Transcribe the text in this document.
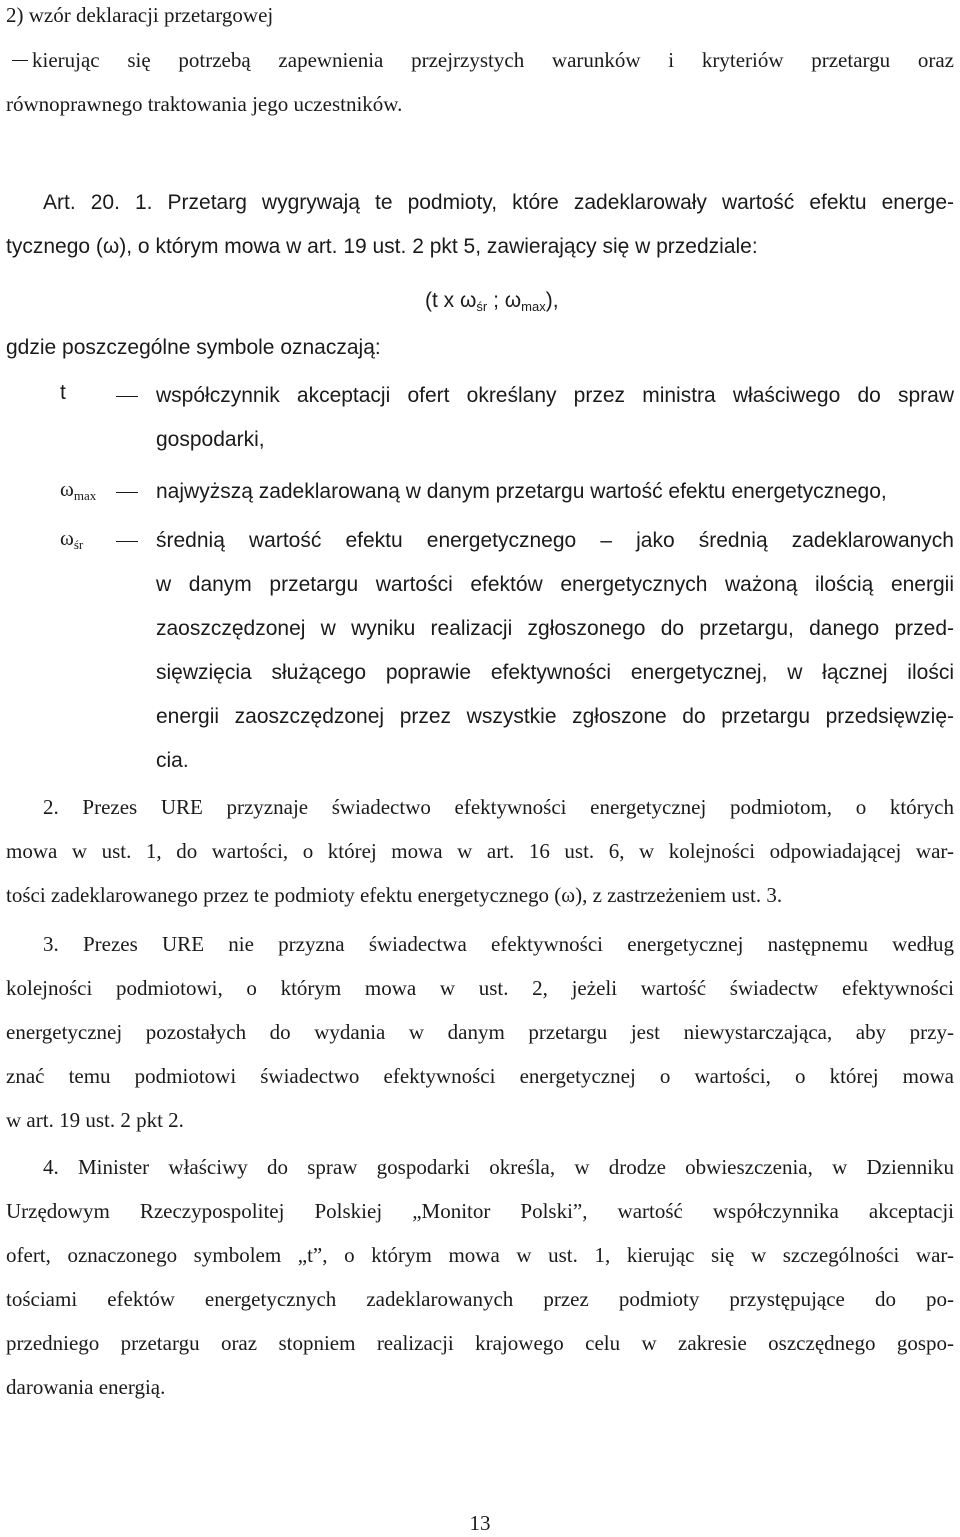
2) wzór deklaracji przetargowej
kierując się potrzebą zapewnienia przejrzystych warunków i kryteriów przetargu oraz
równoprawnego traktowania jego uczestników.
Art. 20. 1. Przetarg wygrywają te podmioty, które zadeklarowały wartość efektu energe-
tycznego (ω), o którym mowa w art. 19 ust. 2 pkt 5, zawierający się w przedziale:
(t x $\omega_{śr}$ ; $\omega_{max}$),
gdzie poszczególne symbole oznaczają:
t	współczynnik akceptacji ofert określany przez ministra właściwego do spraw
gospodarki,
$\omega_{max}$	najwyższą zadeklarowaną w danym przetargu wartość efektu energetycznego,
$\omega_{śr}$	średnią wartość efektu energetycznego – jako średnią zadeklarowanych
w danym przetargu wartości efektów energetycznych ważoną ilością energii
zaoszczędzonej w wyniku realizacji zgłoszonego do przetargu, danego przed-
sięwzięcia służącego poprawie efektywności energetycznej, w łącznej ilości
energii zaoszczędzonej przez wszystkie zgłoszone do przetargu przedsięwzię-
cia.
2. Prezes URE przyznaje świadectwo efektywności energetycznej podmiotom, o których
mowa w ust. 1, do wartości, o której mowa w art. 16 ust. 6, w kolejności odpowiadającej war-
tości zadeklarowanego przez te podmioty efektu energetycznego (ω), z zastrzeżeniem ust. 3.
3. Prezes URE nie przyzna świadectwa efektywności energetycznej następnemu według
kolejności podmiotowi, o którym mowa w ust. 2, jeżeli wartość świadectw efektywności
energetycznej pozostałych do wydania w danym przetargu jest niewystarczająca, aby przy-
znać temu podmiotowi świadectwo efektywności energetycznej o wartości, o której mowa
w art. 19 ust. 2 pkt 2.
4. Minister właściwy do spraw gospodarki określa, w drodze obwieszczenia, w Dzienniku
Urzędowym Rzeczypospolitej Polskiej „Monitor Polski”, wartość współczynnika akceptacji
ofert, oznaczonego symbolem „t”, o którym mowa w ust. 1, kierując się w szczególności war-
tościami efektów energetycznych zadeklarowanych przez podmioty przystępujące do po-
przedniego przetargu oraz stopniem realizacji krajowego celu w zakresie oszczędnego gospo-
darowania energią.
13
